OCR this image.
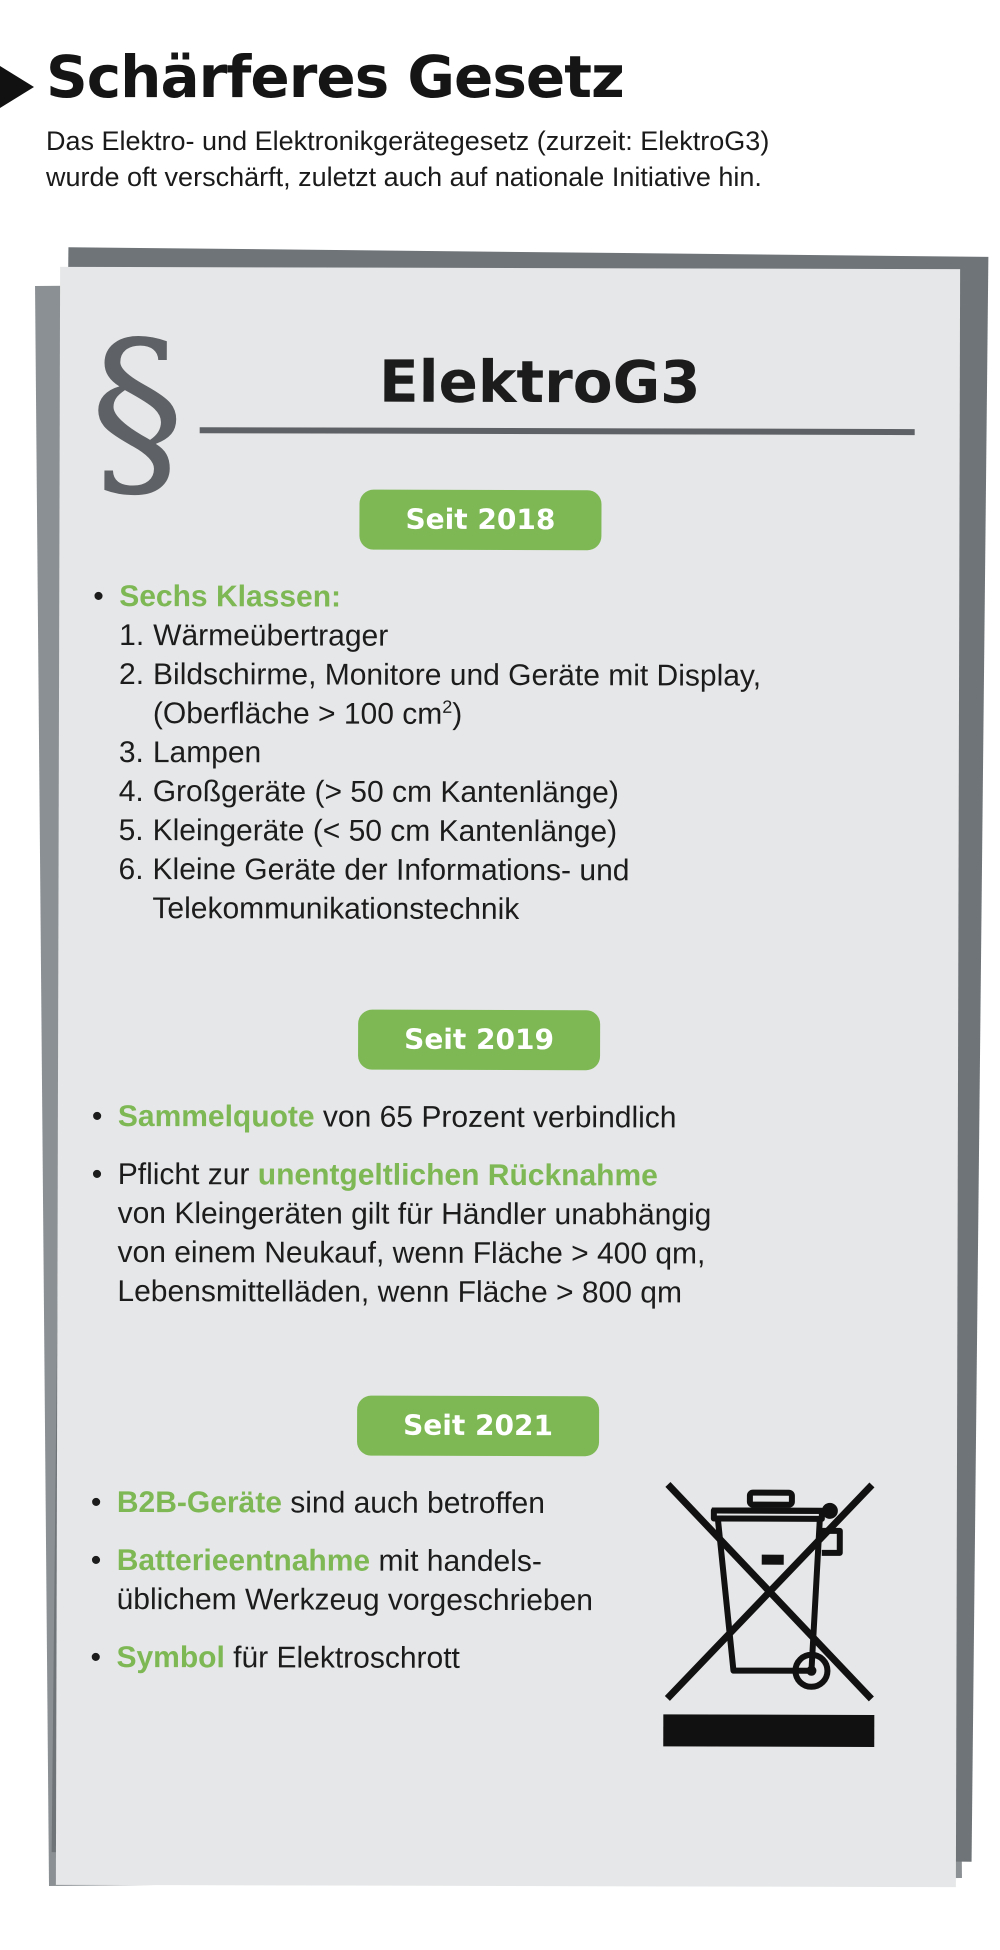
Schärferes Gesetz
Das Elektro- und Elektronikgerätegesetz (zurzeit: ElektroG3)
wurde oft verschärft, zuletzt auch auf nationale Initiative hin.
§	ElektroG3
Seit 2018
• Sechs Klassen:
1. Wärmeübertrager
2. Bildschirme, Monitore und Geräte mit Display,
(Oberfläche > 100 $cm^2$)
3. Lampen
4. Großgeräte (> 50 cm Kantenlänge)
5. Kleingeräte (< 50 cm Kantenlänge)
6. Kleine Geräte der Informations- und
Telekommunikationstechnik
Seit 2019
• Sammelquote von 65 Prozent verbindlich
• Pflicht zur unentgeltlichen Rücknahme
von Kleingeräten gilt für Händler unabhängig
von einem Neukauf, wenn Fläche > 400 qm,
Lebensmittelläden, wenn Fläche > 800 qm
Seit 2021
• B2B-Geräte sind auch betroffen
• Batterieentnahme mit handels-
üblichem Werkzeug vorgeschrieben
• Symbol für Elektroschrott
